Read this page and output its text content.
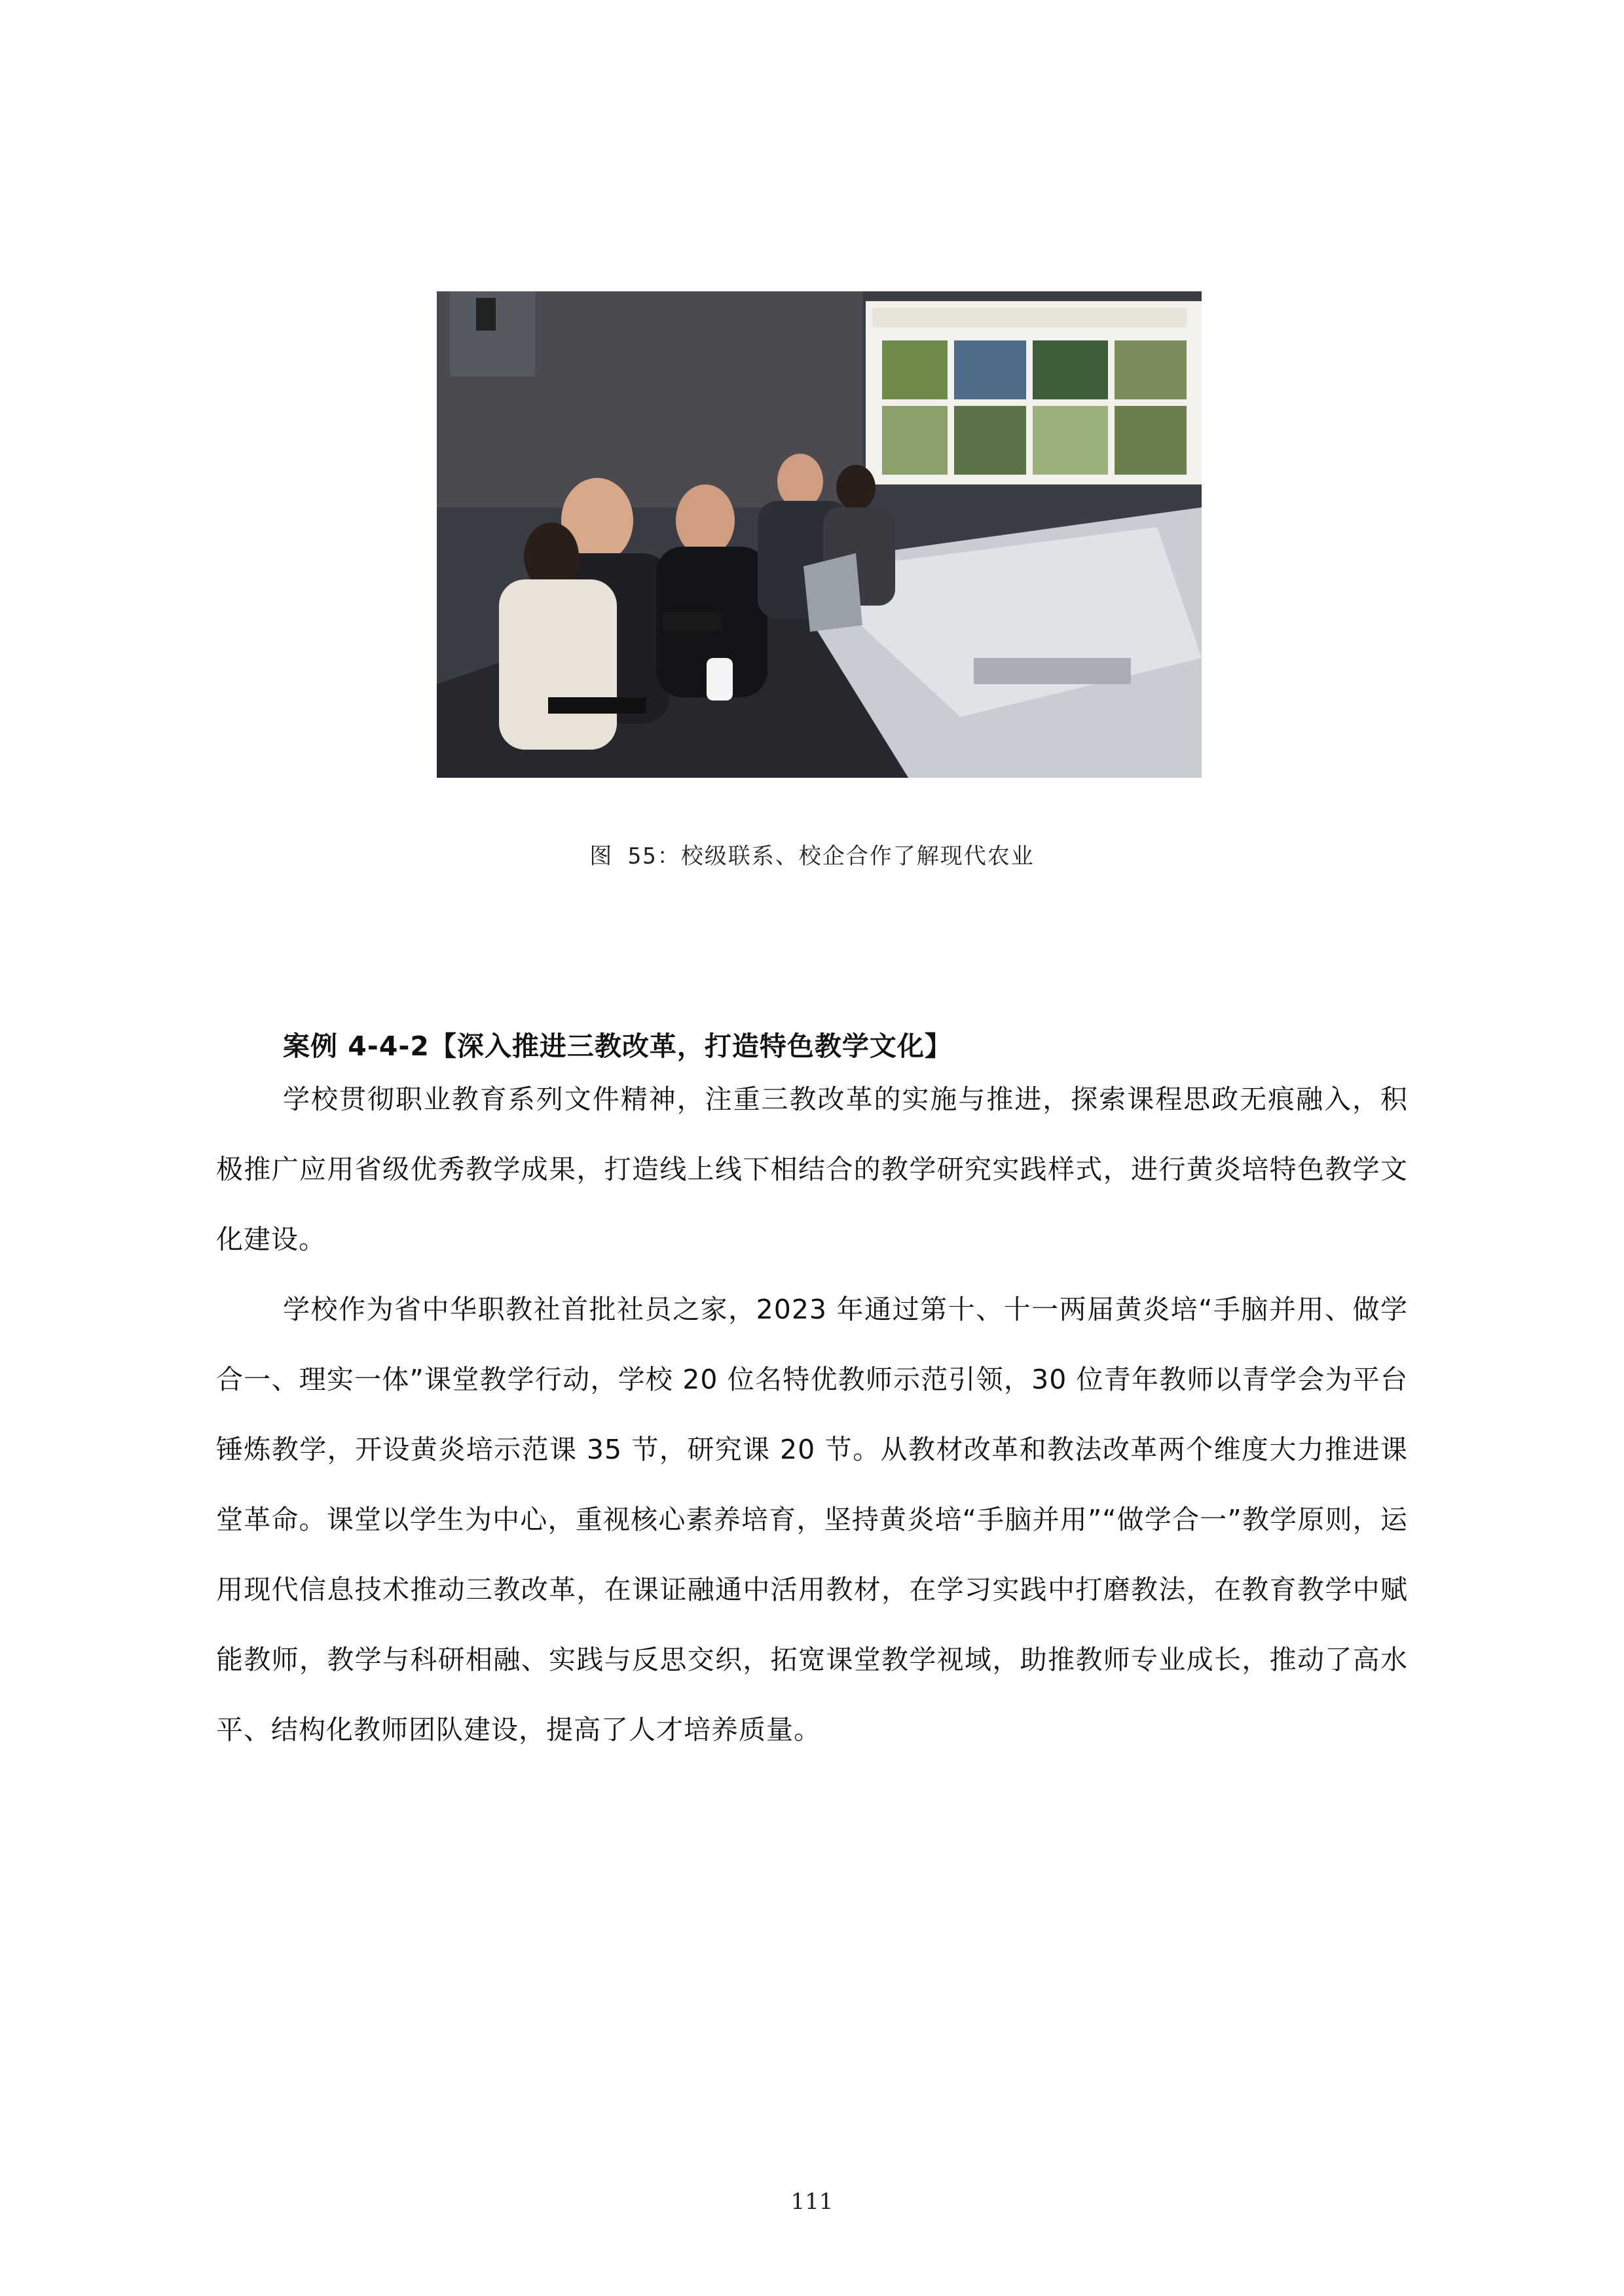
图 55：校级联系、校企合作了解现代农业
案例 4-4-2【深入推进三教改革，打造特色教学文化】

学校贯彻职业教育系列文件精神，注重三教改革的实施与推进，探索课程思政无痕融入，积极推广应用省级优秀教学成果，打造线上线下相结合的教学研究实践样式，进行黄炎培特色教学文化建设。

学校作为省中华职教社首批社员之家，2023 年通过第十、十一两届黄炎培“手脑并用、做学合一、理实一体”课堂教学行动，学校 20 位名特优教师示范引领，30 位青年教师以青学会为平台锤炼教学，开设黄炎培示范课 35 节，研究课 20 节。从教材改革和教法改革两个维度大力推进课堂革命。课堂以学生为中心，重视核心素养培育，坚持黄炎培“手脑并用”“做学合一”教学原则，运用现代信息技术推动三教改革，在课证融通中活用教材，在学习实践中打磨教法，在教育教学中赋能教师，教学与科研相融、实践与反思交织，拓宽课堂教学视域，助推教师专业成长，推动了高水平、结构化教师团队建设，提高了人才培养质量。

111
